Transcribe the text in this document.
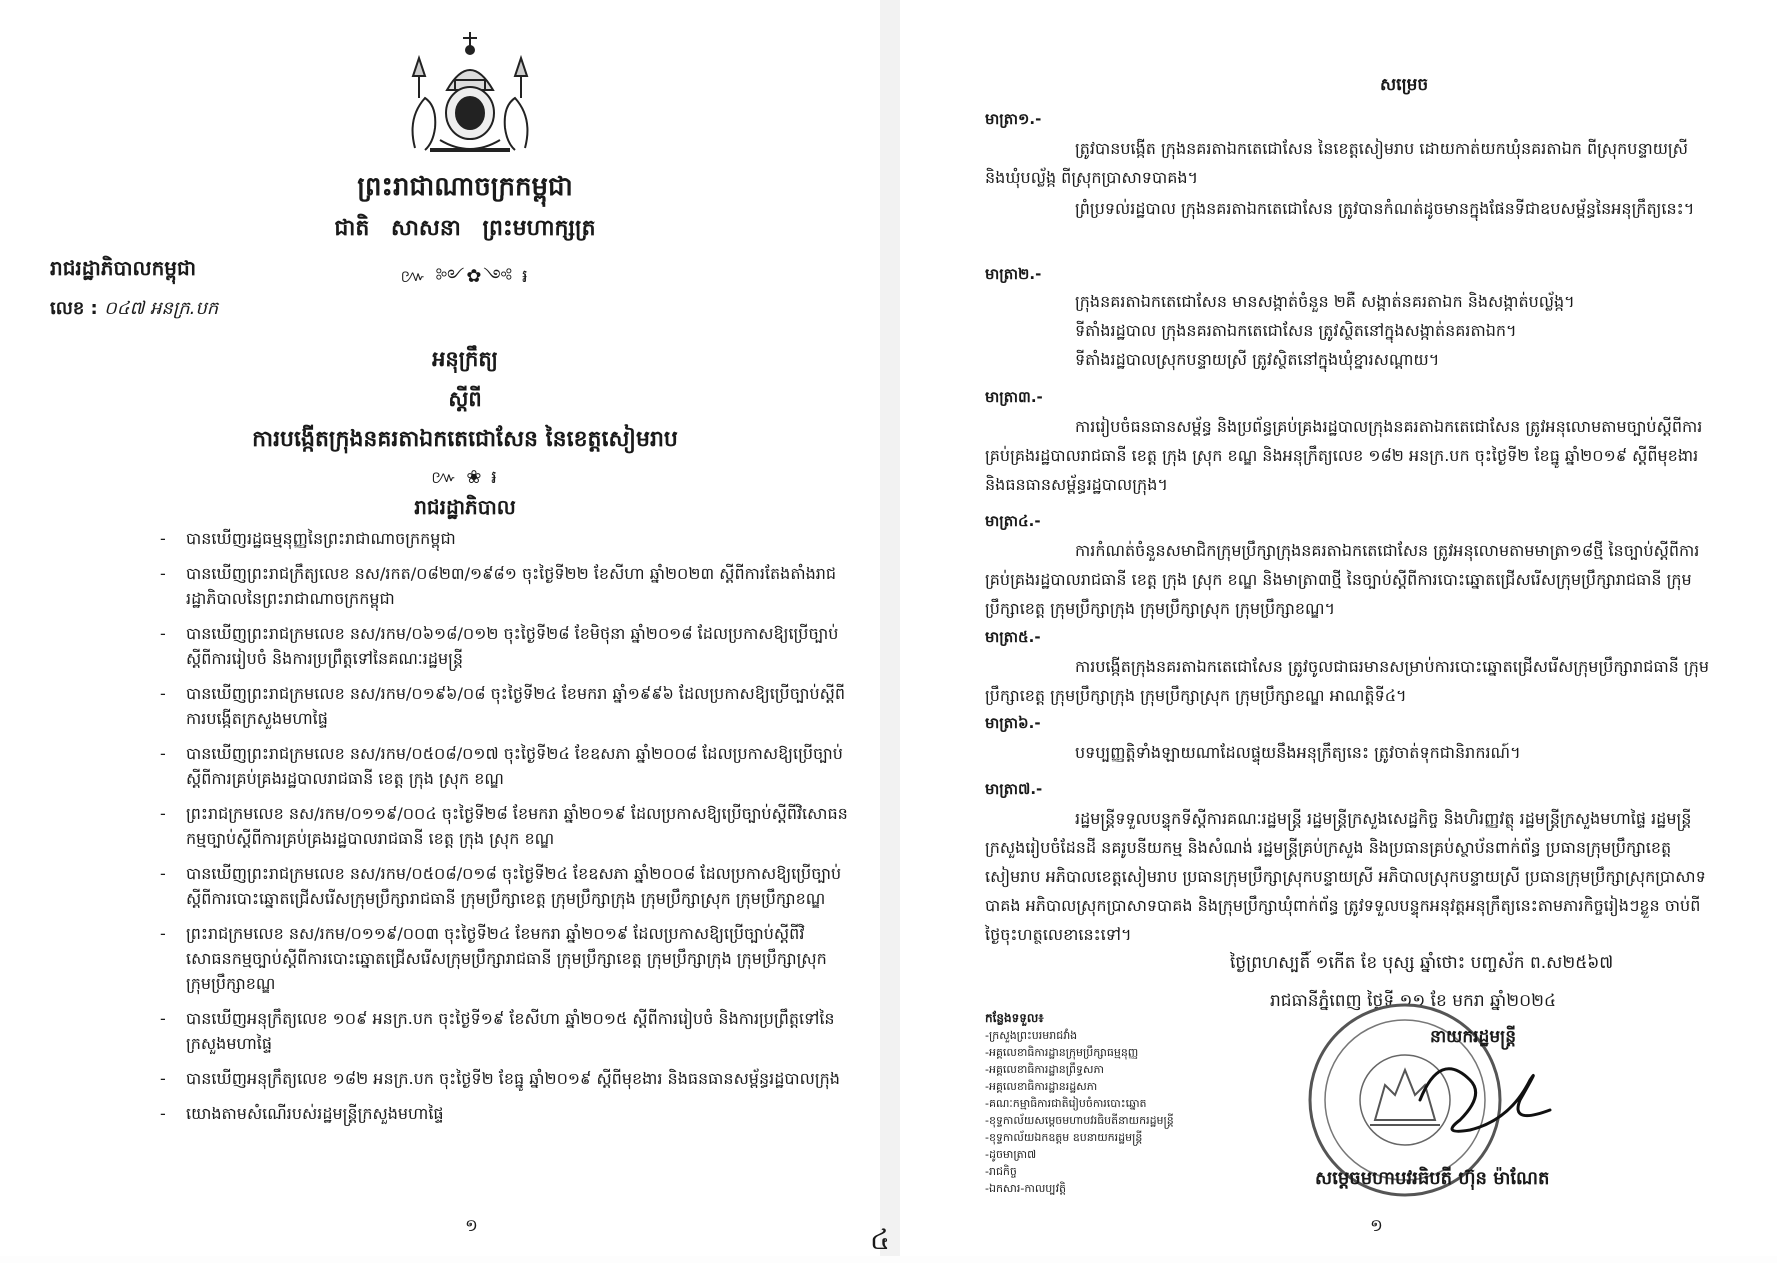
ព្រះរាជាណាចក្រកម្ពុជា
ជាតិ សាសនា ព្រះមហាក្សត្រ
៚ ༻✿༺ ៛
រាជរដ្ឋាភិបាលកម្ពុជា
លេខ : ០៤៧ អនក្រ.បក
អនុក្រឹត្យ
ស្តីពី
ការបង្កើតក្រុងនគរតាឯកតេជោសែន នៃខេត្តសៀមរាប
៚ ❀ ៛
រាជរដ្ឋាភិបាល
- បានឃើញរដ្ឋធម្មនុញ្ញនៃព្រះរាជាណាចក្រកម្ពុជា
- បានឃើញព្រះរាជក្រឹត្យលេខ នស/រកត/០៨២៣/១៩៨១ ចុះថ្ងៃទី២២ ខែសីហា ឆ្នាំ២០២៣ ស្តីពីការតែងតាំងរាជរដ្ឋាភិបាលនៃព្រះរាជាណាចក្រកម្ពុជា
- បានឃើញព្រះរាជក្រមលេខ នស/រកម/០៦១៨/០១២ ចុះថ្ងៃទី២៨ ខែមិថុនា ឆ្នាំ២០១៨ ដែលប្រកាសឱ្យប្រើច្បាប់ស្តីពីការរៀបចំ និងការប្រព្រឹត្តទៅនៃគណៈរដ្ឋមន្ត្រី
- បានឃើញព្រះរាជក្រមលេខ នស/រកម/០១៩៦/០៨ ចុះថ្ងៃទី២៤ ខែមករា ឆ្នាំ១៩៩៦ ដែលប្រកាសឱ្យប្រើច្បាប់ស្តីពីការបង្កើតក្រសួងមហាផ្ទៃ
- បានឃើញព្រះរាជក្រមលេខ នស/រកម/០៥០៨/០១៧ ចុះថ្ងៃទី២៤ ខែឧសភា ឆ្នាំ២០០៨ ដែលប្រកាសឱ្យប្រើច្បាប់ស្តីពីការគ្រប់គ្រងរដ្ឋបាលរាជធានី ខេត្ត ក្រុង ស្រុក ខណ្ឌ
- ព្រះរាជក្រមលេខ នស/រកម/០១១៩/០០៤ ចុះថ្ងៃទី២៨ ខែមករា ឆ្នាំ២០១៩ ដែលប្រកាសឱ្យប្រើច្បាប់ស្តីពីវិសោធនកម្មច្បាប់ស្តីពីការគ្រប់គ្រងរដ្ឋបាលរាជធានី ខេត្ត ក្រុង ស្រុក ខណ្ឌ
- បានឃើញព្រះរាជក្រមលេខ នស/រកម/០៥០៨/០១៨ ចុះថ្ងៃទី២៤ ខែឧសភា ឆ្នាំ២០០៨ ដែលប្រកាសឱ្យប្រើច្បាប់ស្តីពីការបោះឆ្នោតជ្រើសរើសក្រុមប្រឹក្សារាជធានី ក្រុមប្រឹក្សាខេត្ត ក្រុមប្រឹក្សាក្រុង ក្រុមប្រឹក្សាស្រុក ក្រុមប្រឹក្សាខណ្ឌ
- ព្រះរាជក្រមលេខ នស/រកម/០១១៩/០០៣ ចុះថ្ងៃទី២៤ ខែមករា ឆ្នាំ២០១៩ ដែលប្រកាសឱ្យប្រើច្បាប់ស្តីពីវិសោធនកម្មច្បាប់ស្តីពីការបោះឆ្នោតជ្រើសរើសក្រុមប្រឹក្សារាជធានី ក្រុមប្រឹក្សាខេត្ត ក្រុមប្រឹក្សាក្រុង ក្រុមប្រឹក្សាស្រុក ក្រុមប្រឹក្សាខណ្ឌ
- បានឃើញអនុក្រឹត្យលេខ ១០៩ អនក្រ.បក ចុះថ្ងៃទី១៩ ខែសីហា ឆ្នាំ២០១៥ ស្តីពីការរៀបចំ និងការប្រព្រឹត្តទៅនៃក្រសួងមហាផ្ទៃ
- បានឃើញអនុក្រឹត្យលេខ ១៨២ អនក្រ.បក ចុះថ្ងៃទី២ ខែធ្នូ ឆ្នាំ២០១៩ ស្តីពីមុខងារ និងធនធានសម្ព័ន្ធរដ្ឋបាលក្រុង
- យោងតាមសំណើរបស់រដ្ឋមន្ត្រីក្រសួងមហាផ្ទៃ
១	៤
សម្រេច
មាត្រា១.-

ត្រូវបានបង្កើត ក្រុងនគរតាឯកតេជោសែន នៃខេត្តសៀមរាប ដោយកាត់យកឃុំនគរតាឯក ពីស្រុកបន្ទាយស្រី និងឃុំបល្ល័ង្ក ពីស្រុកប្រាសាទបាគង។

ព្រំប្រទល់រដ្ឋបាល ក្រុងនគរតាឯកតេជោសែន ត្រូវបានកំណត់ដូចមានក្នុងផែនទីជាឧបសម្ព័ន្ធនៃអនុក្រឹត្យនេះ។

មាត្រា២.-

ក្រុងនគរតាឯកតេជោសែន មានសង្កាត់ចំនួន ២គឺ សង្កាត់នគរតាឯក និងសង្កាត់បល្ល័ង្ក។

ទីតាំងរដ្ឋបាល ក្រុងនគរតាឯកតេជោសែន ត្រូវស្ថិតនៅក្នុងសង្កាត់នគរតាឯក។

ទីតាំងរដ្ឋបាលស្រុកបន្ទាយស្រី ត្រូវស្ថិតនៅក្នុងឃុំខ្នារសណ្តាយ។

មាត្រា៣.-

ការរៀបចំធនធានសម្ព័ន្ធ និងប្រព័ន្ធគ្រប់គ្រងរដ្ឋបាលក្រុងនគរតាឯកតេជោសែន ត្រូវអនុលោមតាមច្បាប់ស្តីពីការគ្រប់គ្រងរដ្ឋបាលរាជធានី ខេត្ត ក្រុង ស្រុក ខណ្ឌ និងអនុក្រឹត្យលេខ ១៨២ អនក្រ.បក ចុះថ្ងៃទី២ ខែធ្នូ ឆ្នាំ២០១៩ ស្តីពីមុខងារ និងធនធានសម្ព័ន្ធរដ្ឋបាលក្រុង។

មាត្រា៤.-

ការកំណត់ចំនួនសមាជិកក្រុមប្រឹក្សាក្រុងនគរតាឯកតេជោសែន ត្រូវអនុលោមតាមមាត្រា១៨ថ្មី នៃច្បាប់ស្តីពីការគ្រប់គ្រងរដ្ឋបាលរាជធានី ខេត្ត ក្រុង ស្រុក ខណ្ឌ និងមាត្រា៣ថ្មី នៃច្បាប់ស្តីពីការបោះឆ្នោតជ្រើសរើសក្រុមប្រឹក្សារាជធានី ក្រុមប្រឹក្សាខេត្ត ក្រុមប្រឹក្សាក្រុង ក្រុមប្រឹក្សាស្រុក ក្រុមប្រឹក្សាខណ្ឌ។

មាត្រា៥.-

ការបង្កើតក្រុងនគរតាឯកតេជោសែន ត្រូវចូលជាធរមានសម្រាប់ការបោះឆ្នោតជ្រើសរើសក្រុមប្រឹក្សារាជធានី ក្រុមប្រឹក្សាខេត្ត ក្រុមប្រឹក្សាក្រុង ក្រុមប្រឹក្សាស្រុក ក្រុមប្រឹក្សាខណ្ឌ អាណត្តិទី៤។

មាត្រា៦.-

បទប្បញ្ញត្តិទាំងឡាយណាដែលផ្ទុយនឹងអនុក្រឹត្យនេះ ត្រូវចាត់ទុកជានិរាករណ៍។

មាត្រា៧.-

រដ្ឋមន្ត្រីទទួលបន្ទុកទីស្តីការគណៈរដ្ឋមន្ត្រី រដ្ឋមន្ត្រីក្រសួងសេដ្ឋកិច្ច និងហិរញ្ញវត្ថុ រដ្ឋមន្ត្រីក្រសួងមហាផ្ទៃ រដ្ឋមន្ត្រីក្រសួងរៀបចំដែនដី នគរូបនីយកម្ម និងសំណង់ រដ្ឋមន្ត្រីគ្រប់ក្រសួង និងប្រធានគ្រប់ស្ថាប័នពាក់ព័ន្ធ ប្រធានក្រុមប្រឹក្សាខេត្តសៀមរាប អភិបាលខេត្តសៀមរាប ប្រធានក្រុមប្រឹក្សាស្រុកបន្ទាយស្រី អភិបាលស្រុកបន្ទាយស្រី ប្រធានក្រុមប្រឹក្សាស្រុកប្រាសាទបាគង អភិបាលស្រុកប្រាសាទបាគង និងក្រុមប្រឹក្សាឃុំពាក់ព័ន្ធ ត្រូវទទួលបន្ទុកអនុវត្តអនុក្រឹត្យនេះតាមភារកិច្ចរៀងៗខ្លួន ចាប់ពីថ្ងៃចុះហត្ថលេខានេះទៅ។

ថ្ងៃព្រហស្បតិ៍ ១កើត ខែ បុស្ស ឆ្នាំថោះ បញ្ចស័ក ព.ស២៥៦៧
រាជធានីភ្នំពេញ ថ្ងៃទី ១១ ខែ មករា ឆ្នាំ២០២៤
នាយករដ្ឋមន្ត្រី
សម្តេចមហាបវរធិបតី ហ៊ុន ម៉ាណែត
កន្លែងទទួល៖
-ក្រសួងព្រះបរមរាជវាំង
-អគ្គលេខាធិការដ្ឋានក្រុមប្រឹក្សាធម្មនុញ្ញ
-អគ្គលេខាធិការដ្ឋានព្រឹទ្ធសភា
-អគ្គលេខាធិការដ្ឋានរដ្ឋសភា
-គណៈកម្មាធិការជាតិរៀបចំការបោះឆ្នោត
-ខុទ្ទកាល័យសម្តេចមហាបវរធិបតីនាយករដ្ឋមន្ត្រី
-ខុទ្ទកាល័យឯកឧត្តម ឧបនាយករដ្ឋមន្ត្រី
-ដូចមាត្រា៧
-រាជកិច្ច
-ឯកសារ-កាលប្បវត្តិ
១
